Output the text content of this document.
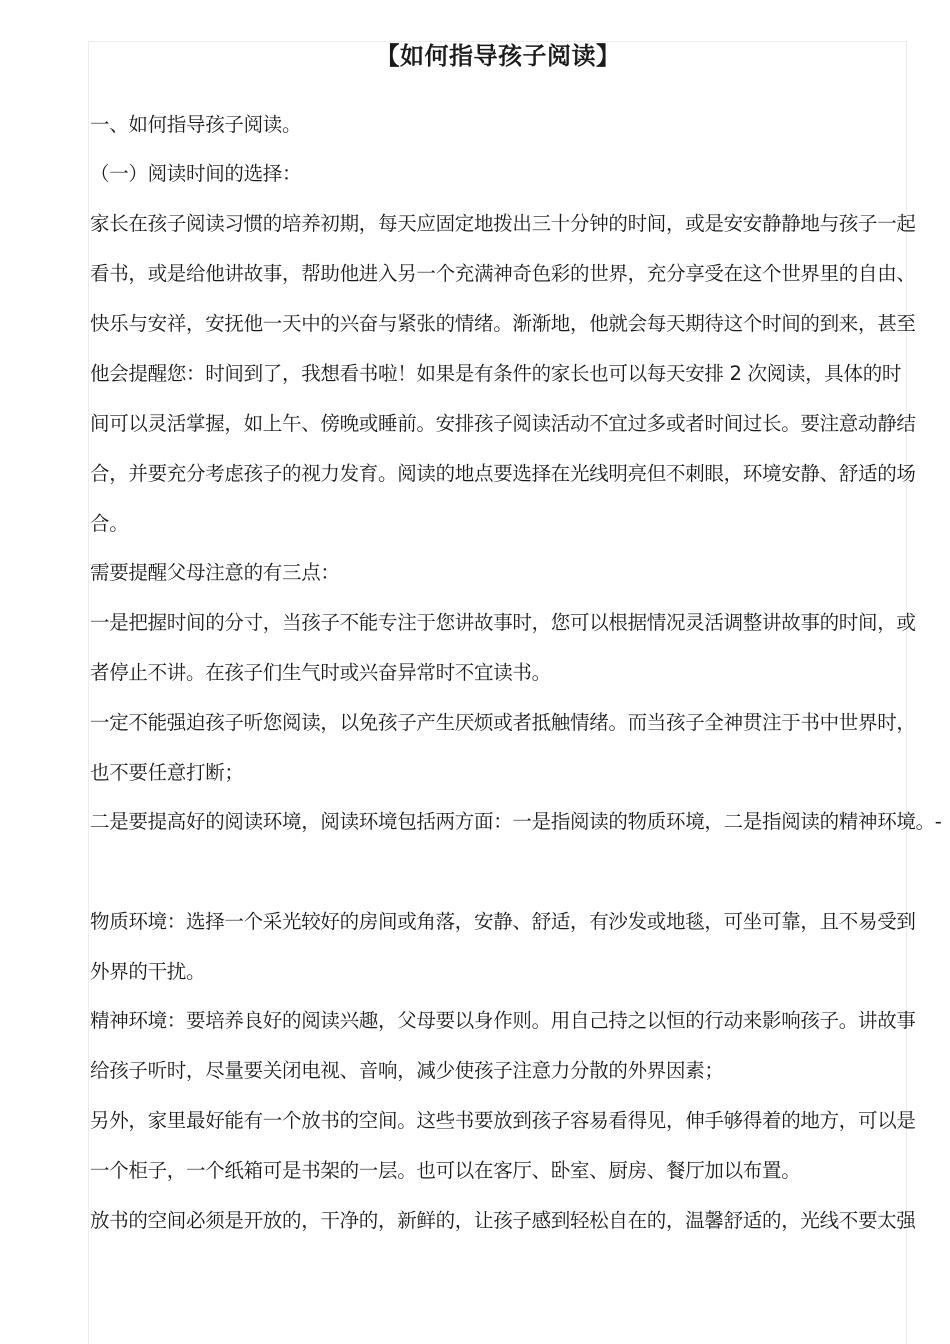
【如何指导孩子阅读】
一、如何指导孩子阅读。
（一）阅读时间的选择：
家长在孩子阅读习惯的培养初期，每天应固定地拨出三十分钟的时间，或是安安静静地与孩子一起
看书，或是给他讲故事，帮助他进入另一个充满神奇色彩的世界，充分享受在这个世界里的自由、
快乐与安祥，安抚他一天中的兴奋与紧张的情绪。渐渐地，他就会每天期待这个时间的到来，甚至
他会提醒您：时间到了，我想看书啦！如果是有条件的家长也可以每天安排 2 次阅读，具体的时
间可以灵活掌握，如上午、傍晚或睡前。安排孩子阅读活动不宜过多或者时间过长。要注意动静结
合，并要充分考虑孩子的视力发育。阅读的地点要选择在光线明亮但不刺眼，环境安静、舒适的场
合。
需要提醒父母注意的有三点：
一是把握时间的分寸，当孩子不能专注于您讲故事时，您可以根据情况灵活调整讲故事的时间，或
者停止不讲。在孩子们生气时或兴奋异常时不宜读书。
一定不能强迫孩子听您阅读，以免孩子产生厌烦或者抵触情绪。而当孩子全神贯注于书中世界时，
也不要任意打断；
二是要提高好的阅读环境，阅读环境包括两方面：一是指阅读的物质环境，二是指阅读的精神环境。-
物质环境：选择一个采光较好的房间或角落，安静、舒适，有沙发或地毯，可坐可靠，且不易受到
外界的干扰。
精神环境：要培养良好的阅读兴趣，父母要以身作则。用自己持之以恒的行动来影响孩子。讲故事
给孩子听时，尽量要关闭电视、音响，减少使孩子注意力分散的外界因素；
另外，家里最好能有一个放书的空间。这些书要放到孩子容易看得见，伸手够得着的地方，可以是
一个柜子，一个纸箱可是书架的一层。也可以在客厅、卧室、厨房、餐厅加以布置。
放书的空间必须是开放的，干净的，新鲜的，让孩子感到轻松自在的，温馨舒适的，光线不要太强
